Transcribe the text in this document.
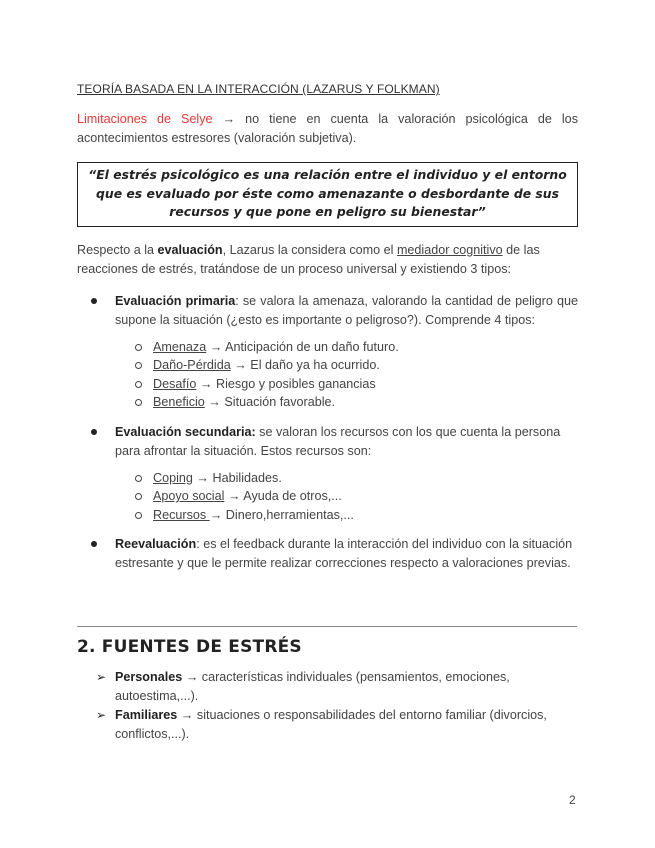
TEORÍA BASADA EN LA INTERACCIÓN (LAZARUS Y FOLKMAN)

Limitaciones de Selye → no tiene en cuenta la valoración psicológica de los acontecimientos estresores (valoración subjetiva).

“El estrés psicológico es una relación entre el individuo y el entorno que es evaluado por éste como amenazante o desbordante de sus recursos y que pone en peligro su bienestar”

Respecto a la evaluación, Lazarus la considera como el mediador cognitivo de las reacciones de estrés, tratándose de un proceso universal y existiendo 3 tipos:

Evaluación primaria: se valora la amenaza, valorando la cantidad de peligro que supone la situación (¿esto es importante o peligroso?). Comprende 4 tipos:

Amenaza → Anticipación de un daño futuro.
Daño-Pérdida → El daño ya ha ocurrido.
Desafío → Riesgo y posibles ganancias
Beneficio → Situación favorable.

Evaluación secundaria: se valoran los recursos con los que cuenta la persona para afrontar la situación. Estos recursos son:

Coping → Habilidades.
Apoyo social → Ayuda de otros,...
Recursos → Dinero,herramientas,...

Reevaluación: es el feedback durante la interacción del individuo con la situación estresante y que le permite realizar correcciones respecto a valoraciones previas.

2. FUENTES DE ESTRÉS
➢ Personales → características individuales (pensamientos, emociones, autoestima,...).
➢ Familiares → situaciones o responsabilidades del entorno familiar (divorcios, conflictos,...).
2
